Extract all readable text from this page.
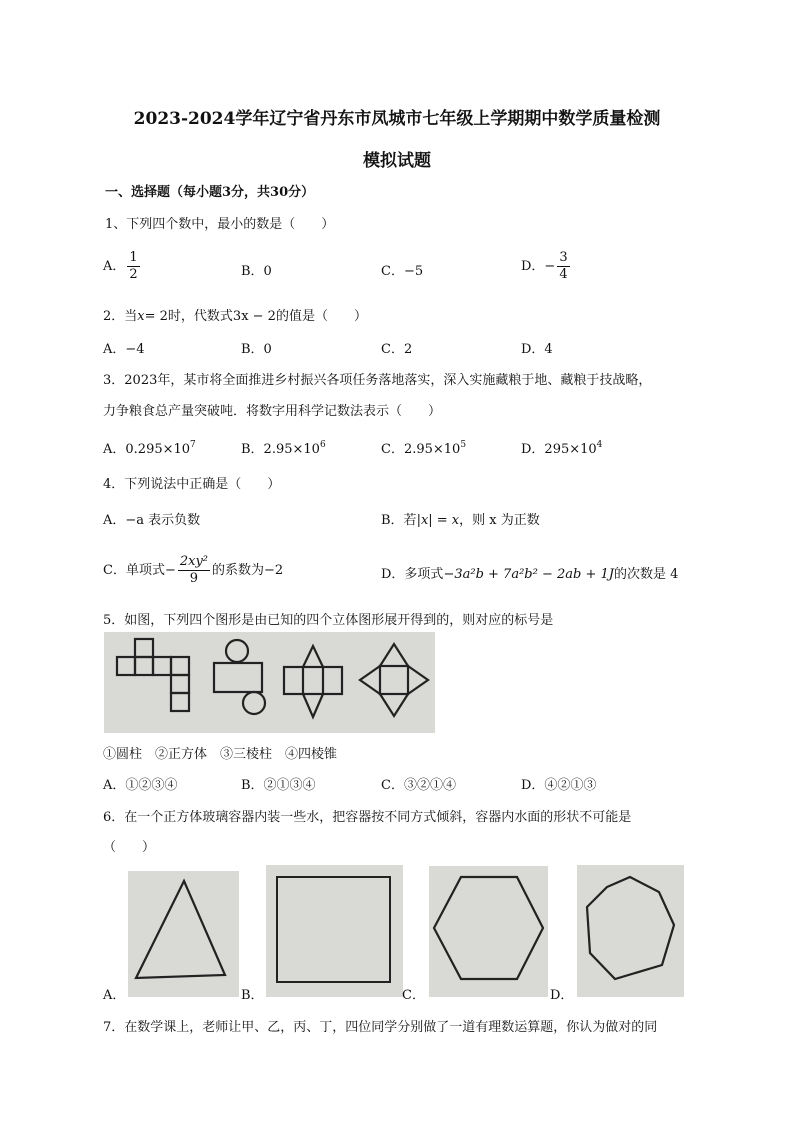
2023-2024学年辽宁省丹东市凤城市七年级上学期期中数学质量检测
模拟试题
一、选择题（每小题3分，共30分）
1、下列四个数中，最小的数是（　　）
A． $\frac{1}{2}$	B．0	C．−5	D．− $\frac{3}{4}$
2．当x= 2时，代数式3x − 2的值是（　　）
A．−4	B．0	C．2	D．4
3．2023年，某市将全面推进乡村振兴各项任务落地落实，深入实施藏粮于地、藏粮于技战略，
力争粮食总产量突破吨．将数字用科学记数法表示（　　）
A．$0.295\times 10^7$	B．$2.95\times 10^6$	C．$2.95\times 10^5$	D．$295\times 10^4$
4．下列说法中正确是（　　）
A．−a 表示负数	B．若|x| = x，则 x 为正数
C．单项式− $\frac{\text{2xy²}}{9}$ 的系数为−2	D．多项式−3a²b + 7a²b² − 2ab + 1J的次数是 4
5．如图，下列四个图形是由已知的四个立体图形展开得到的，则对应的标号是
①圆柱　②正方体　③三棱柱　④四棱锥
A．①②③④	B．②①③④	C．③②①④	D．④②①③
6．在一个正方体玻璃容器内装一些水，把容器按不同方式倾斜，容器内水面的形状不可能是
（　　）
A．	B．	C．	D．
7．在数学课上，老师让甲、乙，丙、丁，四位同学分别做了一道有理数运算题，你认为做对的同
